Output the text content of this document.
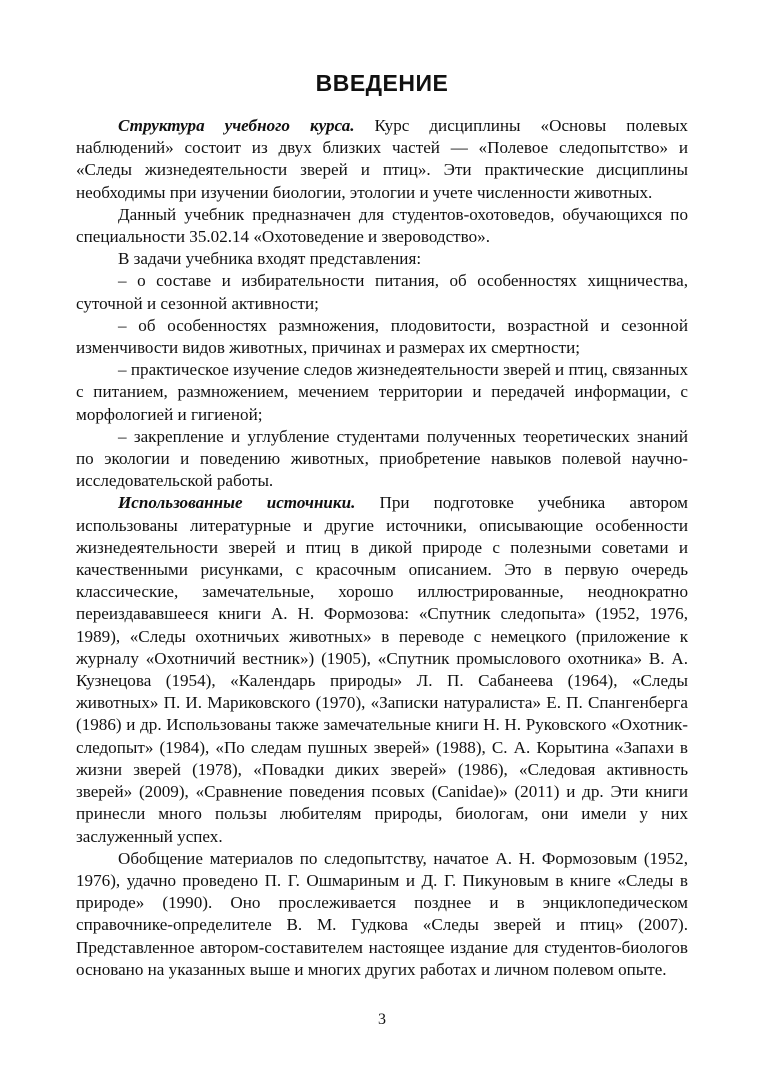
ВВЕДЕНИЕ

Структура учебного курса. Курс дисциплины «Основы полевых наблюдений» состоит из двух близких частей — «Полевое следопытство» и «Следы жизнедеятельности зверей и птиц». Эти практические дисциплины необходимы при изучении биологии, этологии и учете численности животных.

Данный учебник предназначен для студентов-охотоведов, обучающихся по специальности 35.02.14 «Охотоведение и звероводство».

В задачи учебника входят представления:

– о составе и избирательности питания, об особенностях хищничества, суточной и сезонной активности;

– об особенностях размножения, плодовитости, возрастной и сезонной изменчивости видов животных, причинах и размерах их смертности;

– практическое изучение следов жизнедеятельности зверей и птиц, связанных с питанием, размножением, мечением территории и передачей информации, с морфологией и гигиеной;

– закрепление и углубление студентами полученных теоретических знаний по экологии и поведению животных, приобретение навыков полевой научно-исследовательской работы.

Использованные источники. При подготовке учебника автором использованы литературные и другие источники, описывающие особенности жизнедеятельности зверей и птиц в дикой природе с полезными советами и качественными рисунками, с красочным описанием. Это в первую очередь классические, замечательные, хорошо иллюстрированные, неоднократно переиздававшееся книги А. Н. Формозова: «Спутник следопыта» (1952, 1976, 1989), «Следы охотничьих животных» в переводе с немецкого (приложение к журналу «Охотничий вестник») (1905), «Спутник промыслового охотника» В. А. Кузнецова (1954), «Календарь природы» Л. П. Сабанеева (1964), «Следы животных» П. И. Мариковского (1970), «Записки натуралиста» Е. П. Спангенберга (1986) и др. Использованы также замечательные книги Н. Н. Руковского «Охотник-следопыт» (1984), «По следам пушных зверей» (1988), С. А. Корытина «Запахи в жизни зверей (1978), «Повадки диких зверей» (1986), «Следовая активность зверей» (2009), «Сравнение поведения псовых (Canidae)» (2011) и др. Эти книги принесли много пользы любителям природы, биологам, они имели у них заслуженный успех.

Обобщение материалов по следопытству, начатое А. Н. Формозовым (1952, 1976), удачно проведено П. Г. Ошмариным и Д. Г. Пикуновым в книге «Следы в природе» (1990). Оно прослеживается позднее и в энциклопедическом справочнике-определителе В. М. Гудкова «Следы зверей и птиц» (2007). Представленное автором-составителем настоящее издание для студентов-биологов основано на указанных выше и многих других работах и личном полевом опыте.

3
